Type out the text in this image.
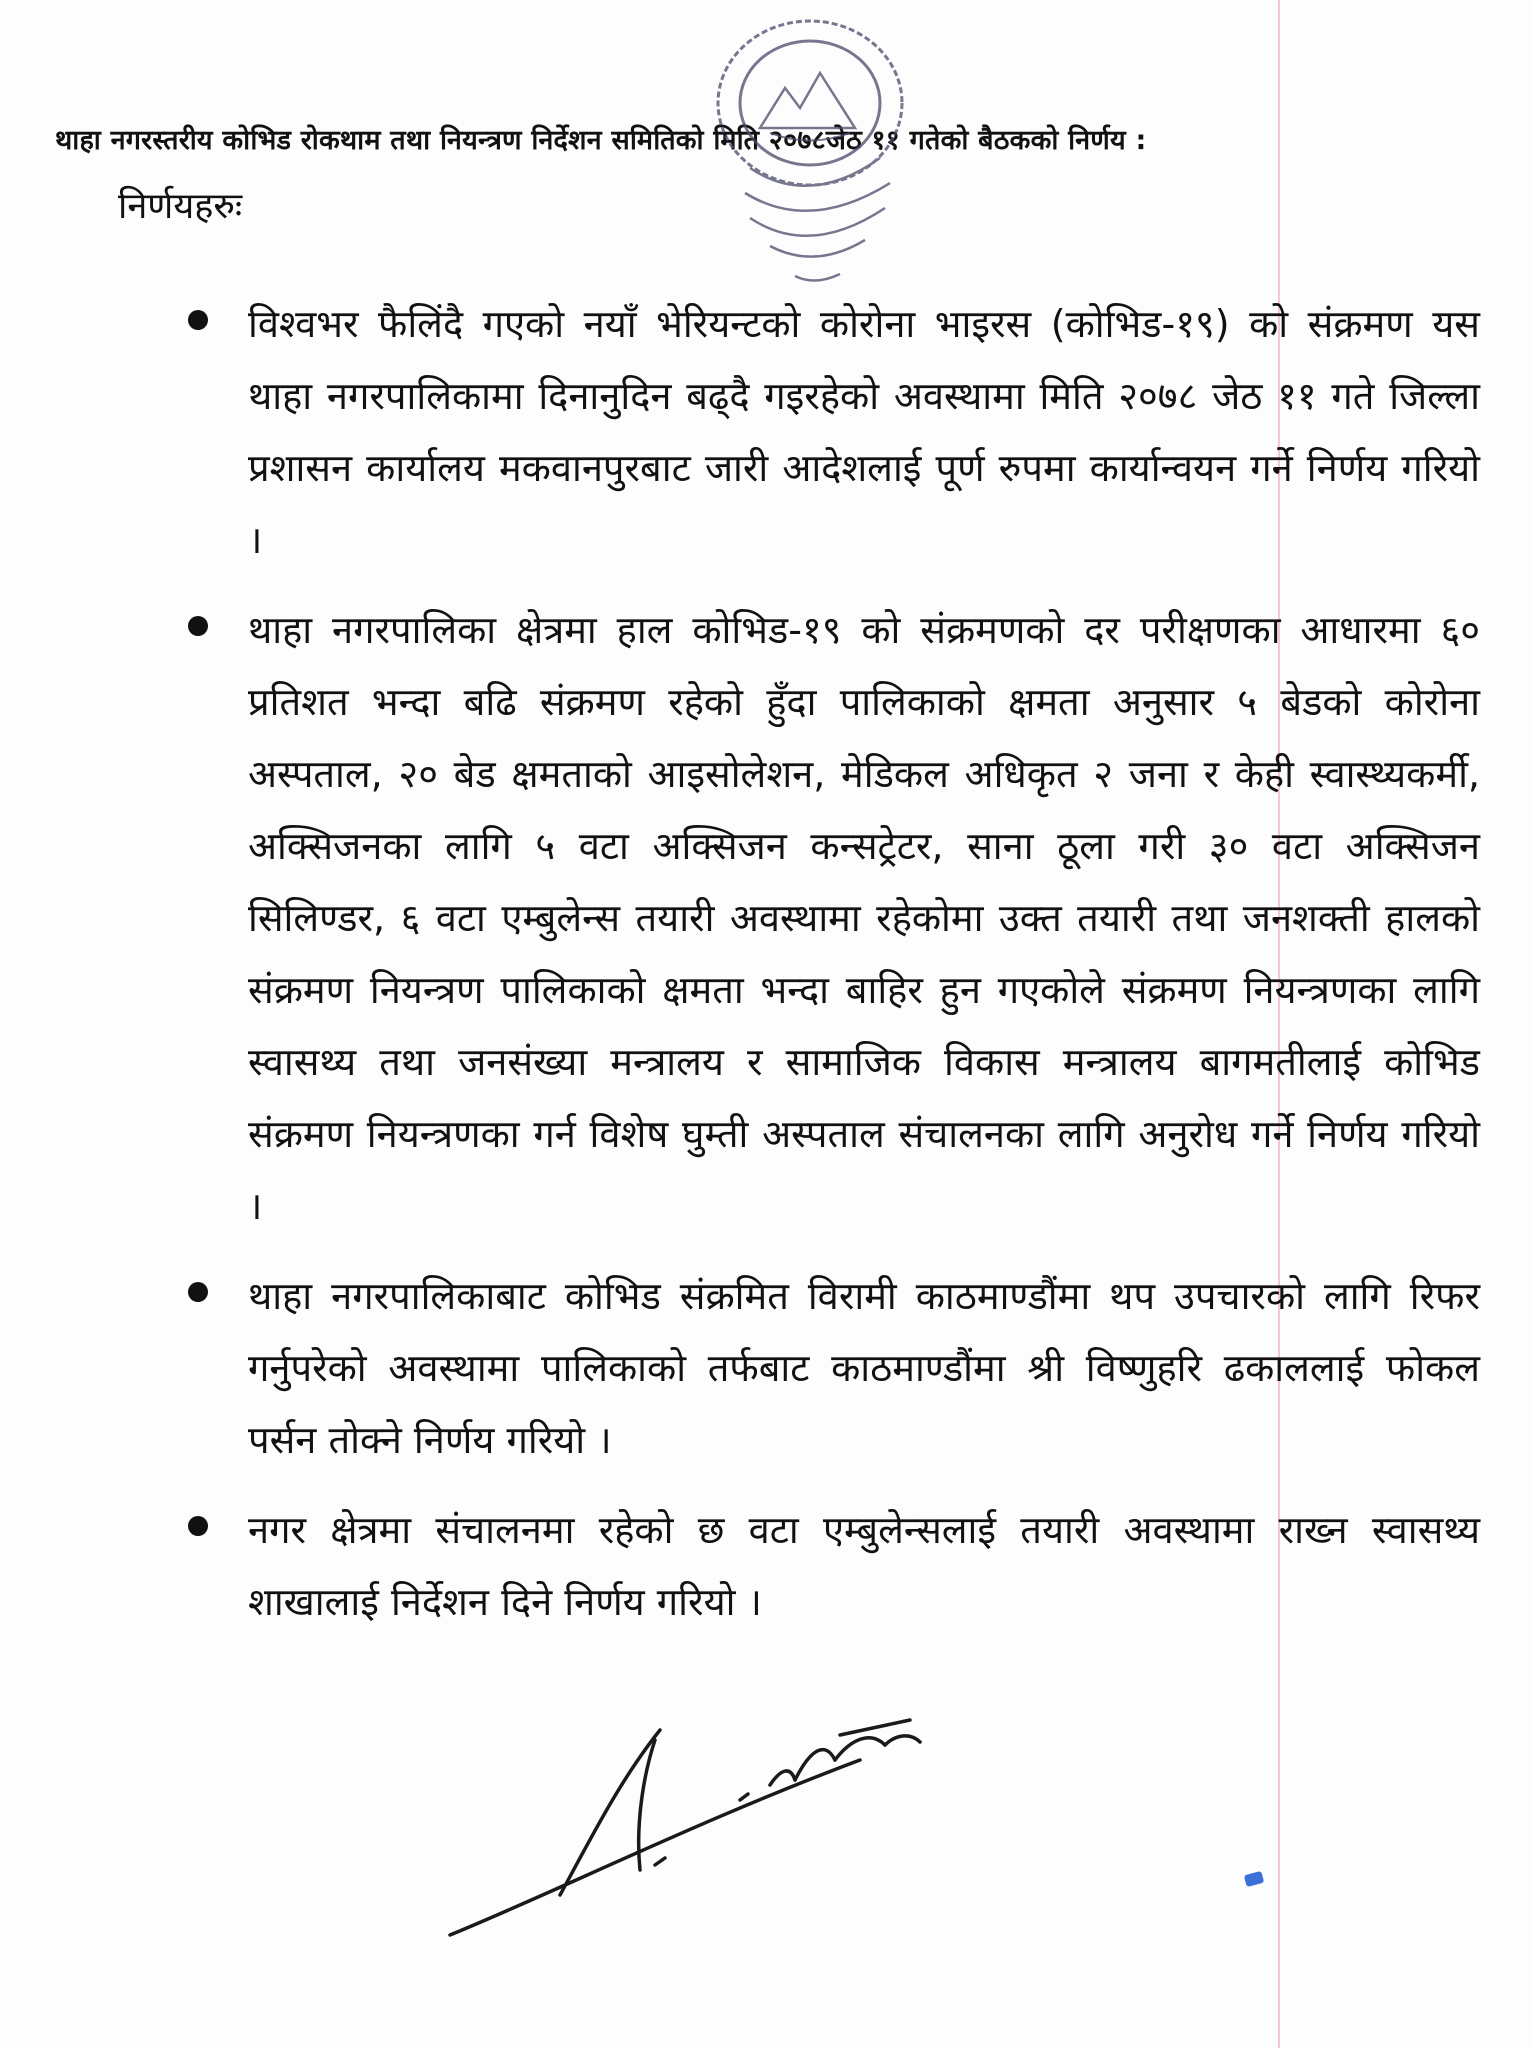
थाहा नगरस्तरीय कोभिड रोकथाम तथा नियन्त्रण निर्देशन समितिको मिति २०७८जेठ ११ गतेको बैठकको निर्णय :
निर्णयहरुः
विश्वभर फैलिंदै गएको नयाँ भेरियन्टको कोरोना भाइरस (कोभिड-१९) को संक्रमण यस थाहा नगरपालिकामा दिनानुदिन बढ्दै गइरहेको अवस्थामा मिति २०७८ जेठ ११ गते जिल्ला प्रशासन कार्यालय मकवानपुरबाट जारी आदेशलाई पूर्ण रुपमा कार्यान्वयन गर्ने निर्णय गरियो ।
थाहा नगरपालिका क्षेत्रमा हाल कोभिड-१९ को संक्रमणको दर परीक्षणका आधारमा ६० प्रतिशत भन्दा बढि संक्रमण रहेको हुँदा पालिकाको क्षमता अनुसार ५ बेडको कोरोना अस्पताल, २० बेड क्षमताको आइसोलेशन, मेडिकल अधिकृत २ जना र केही स्वास्थ्यकर्मी, अक्सिजनका लागि ५ वटा अक्सिजन कन्सट्रेटर, साना ठूला गरी ३० वटा अक्सिजन सिलिण्डर, ६ वटा एम्बुलेन्स तयारी अवस्थामा रहेकोमा उक्त तयारी तथा जनशक्ती हालको संक्रमण नियन्त्रण पालिकाको क्षमता भन्दा बाहिर हुन गएकोले संक्रमण नियन्त्रणका लागि स्वासथ्य तथा जनसंख्या मन्त्रालय र सामाजिक विकास मन्त्रालय बागमतीलाई कोभिड संक्रमण नियन्त्रणका गर्न विशेष घुम्ती अस्पताल संचालनका लागि अनुरोध गर्ने निर्णय गरियो ।
थाहा नगरपालिकाबाट कोभिड संक्रमित विरामी काठमाण्डौंमा थप उपचारको लागि रिफर गर्नुपरेको अवस्थामा पालिकाको तर्फबाट काठमाण्डौंमा श्री विष्णुहरि ढकाललाई फोकल पर्सन तोक्ने निर्णय गरियो ।
नगर क्षेत्रमा संचालनमा रहेको छ वटा एम्बुलेन्सलाई तयारी अवस्थामा राख्न स्वासथ्य शाखालाई निर्देशन दिने निर्णय गरियो ।
